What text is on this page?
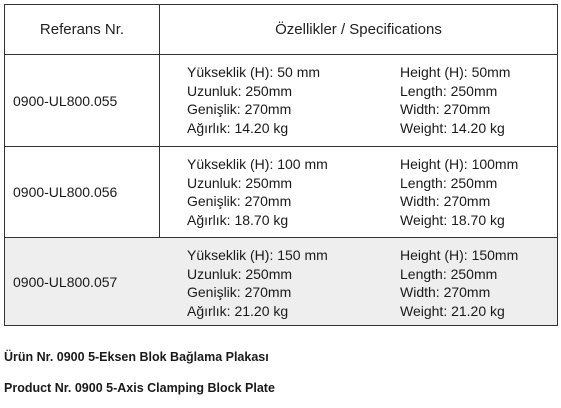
Referans Nr.	Özellikler / Specifications
0900-UL800.055
Yükseklik (H): 50 mm
Uzunluk: 250mm
Genişlik: 270mm
Ağırlık: 14.20 kg
Height (H): 50mm
Length: 250mm
Width: 270mm
Weight: 14.20 kg
0900-UL800.056
Yükseklik (H): 100 mm
Uzunluk: 250mm
Genişlik: 270mm
Ağırlık: 18.70 kg
Height (H): 100mm
Length: 250mm
Width: 270mm
Weight: 18.70 kg
0900-UL800.057
Yükseklik (H): 150 mm
Uzunluk: 250mm
Genişlik: 270mm
Ağırlık: 21.20 kg
Height (H): 150mm
Length: 250mm
Width: 270mm
Weight: 21.20 kg
Ürün Nr. 0900 5-Eksen Blok Bağlama Plakası
Product Nr. 0900 5-Axis Clamping Block Plate
